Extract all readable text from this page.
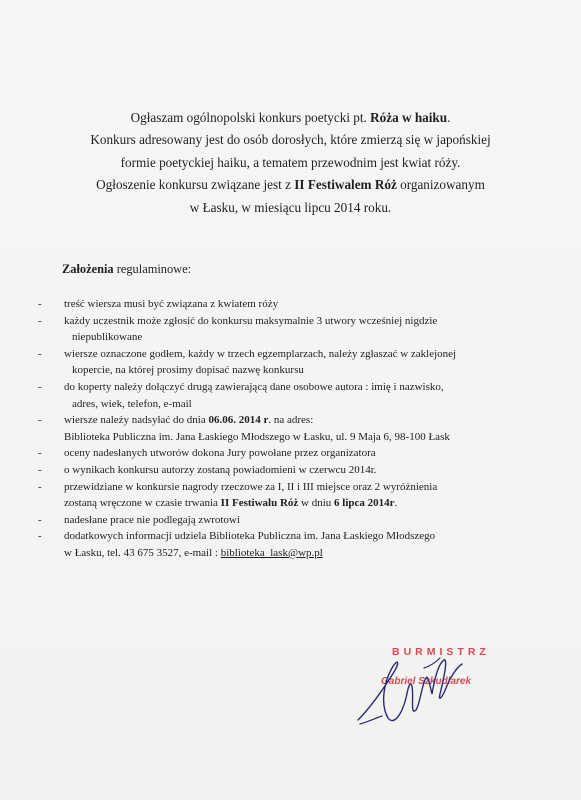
Ogłaszam ogólnopolski konkurs poetycki pt. Róża w haiku.

Konkurs adresowany jest do osób dorosłych, które zmierzą się w japońskiej

formie poetyckiej haiku, a tematem przewodnim jest kwiat róży.

Ogłoszenie konkursu związane jest z II Festiwalem Róż organizowanym

w Łasku, w miesiącu lipcu 2014 roku.

Założenia regulaminowe:
-	treść wiersza musi być związana z kwiatem róży
-	każdy uczestnik może zgłosić do konkursu maksymalnie 3 utwory wcześniej nigdzie
niepublikowane
-	wiersze oznaczone godłem, każdy w trzech egzemplarzach, należy zgłaszać w zaklejonej
kopercie, na której prosimy dopisać nazwę konkursu
-	do koperty należy dołączyć drugą zawierającą dane osobowe autora : imię i nazwisko,
adres, wiek, telefon, e-mail
-	wiersze należy nadsyłać do dnia 06.06. 2014 r. na adres:
Biblioteka Publiczna im. Jana Łaskiego Młodszego w Łasku, ul. 9 Maja 6, 98-100 Łask
-	oceny nadesłanych utworów dokona Jury powołane przez organizatora
-	o wynikach konkursu autorzy zostaną powiadomieni w czerwcu 2014r.
-	przewidziane w konkursie nagrody rzeczowe za I, II i III miejsce oraz 2 wyróżnienia
zostaną wręczone w czasie trwania II Festiwalu Róż w dniu 6 lipca 2014r.
-	nadesłane prace nie podlegają zwrotowi
-	dodatkowych informacji udziela Biblioteka Publiczna im. Jana Łaskiego Młodszego
w Łasku, tel. 43 675 3527, e-mail : biblioteka_lask@wp.pl
BURMISTRZ
Gabriel Szkudlarek
